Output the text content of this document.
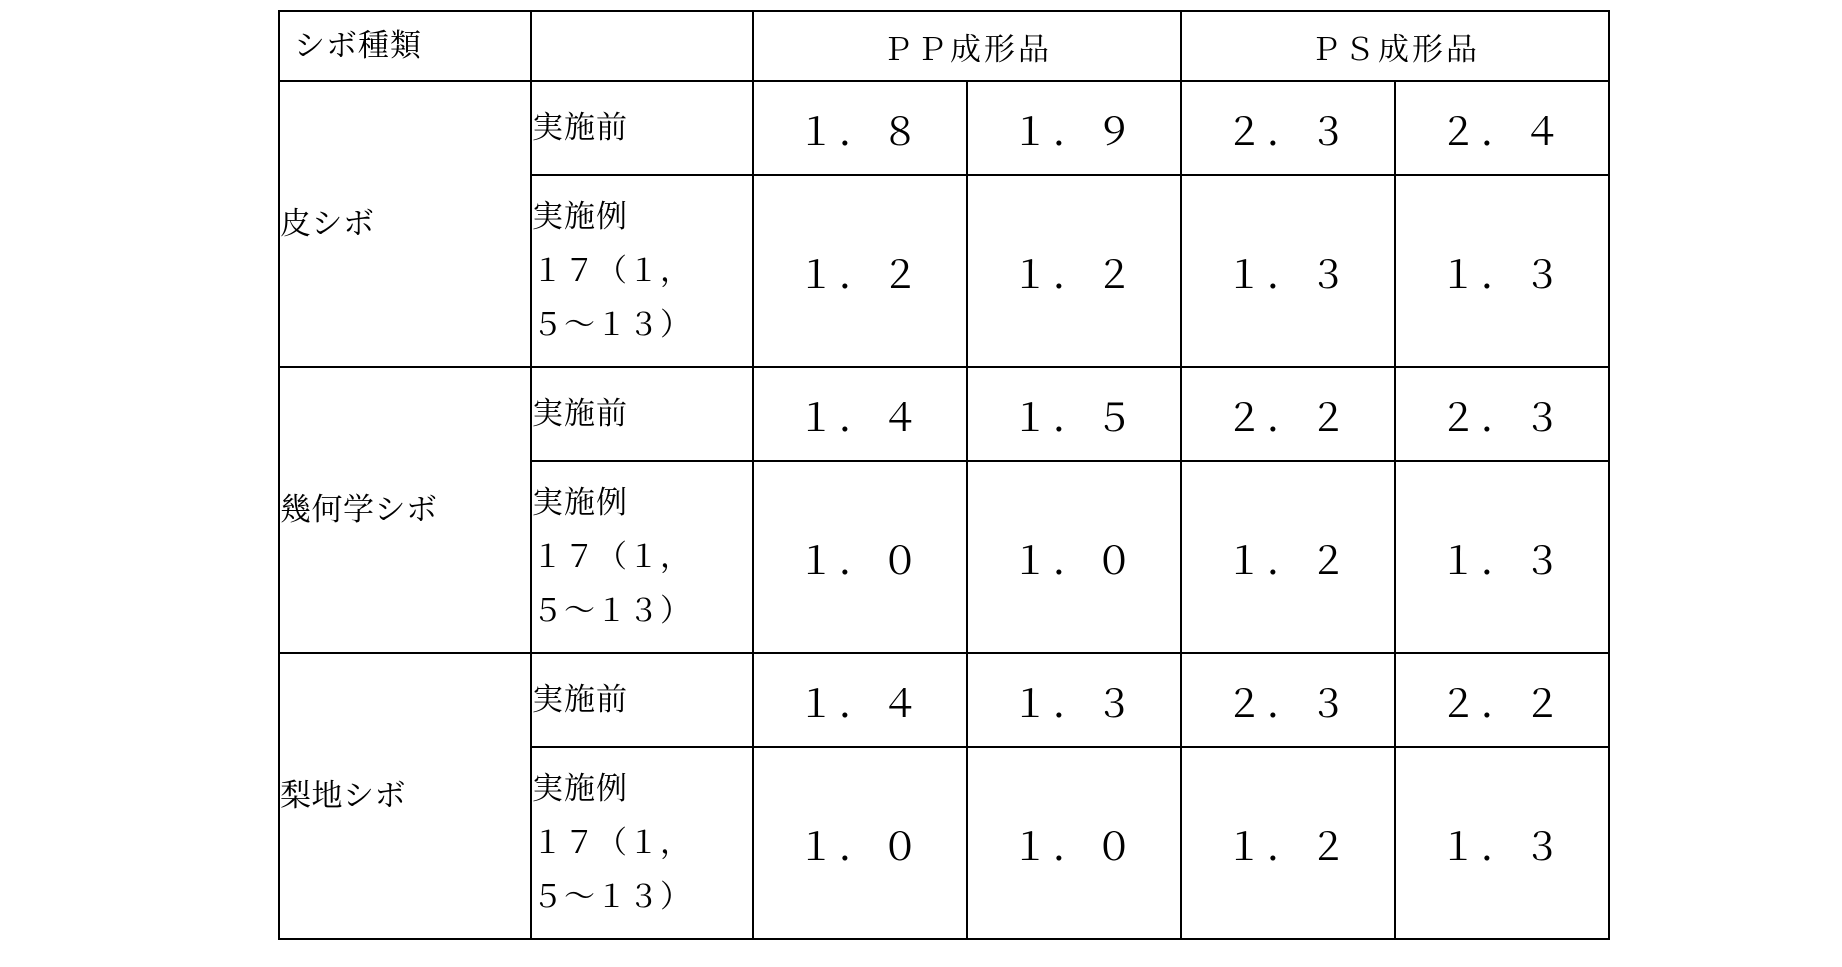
シボ種類		ＰＰ成形品		ＰＳ成形品	
皮シボ	実施前	１．８	１．９	２．３	２．４

	実施例
１７（１，
５〜１３）	１．２	１．２	１．３	１．３
幾何学シボ	実施前	１．４	１．５	２．２	２．３

	実施例
１７（１，
５〜１３）	１．０	１．０	１．２	１．３
梨地シボ	実施前	１．４	１．３	２．３	２．２

	実施例
１７（１，
５〜１３）	１．０	１．０	１．２	１．３
